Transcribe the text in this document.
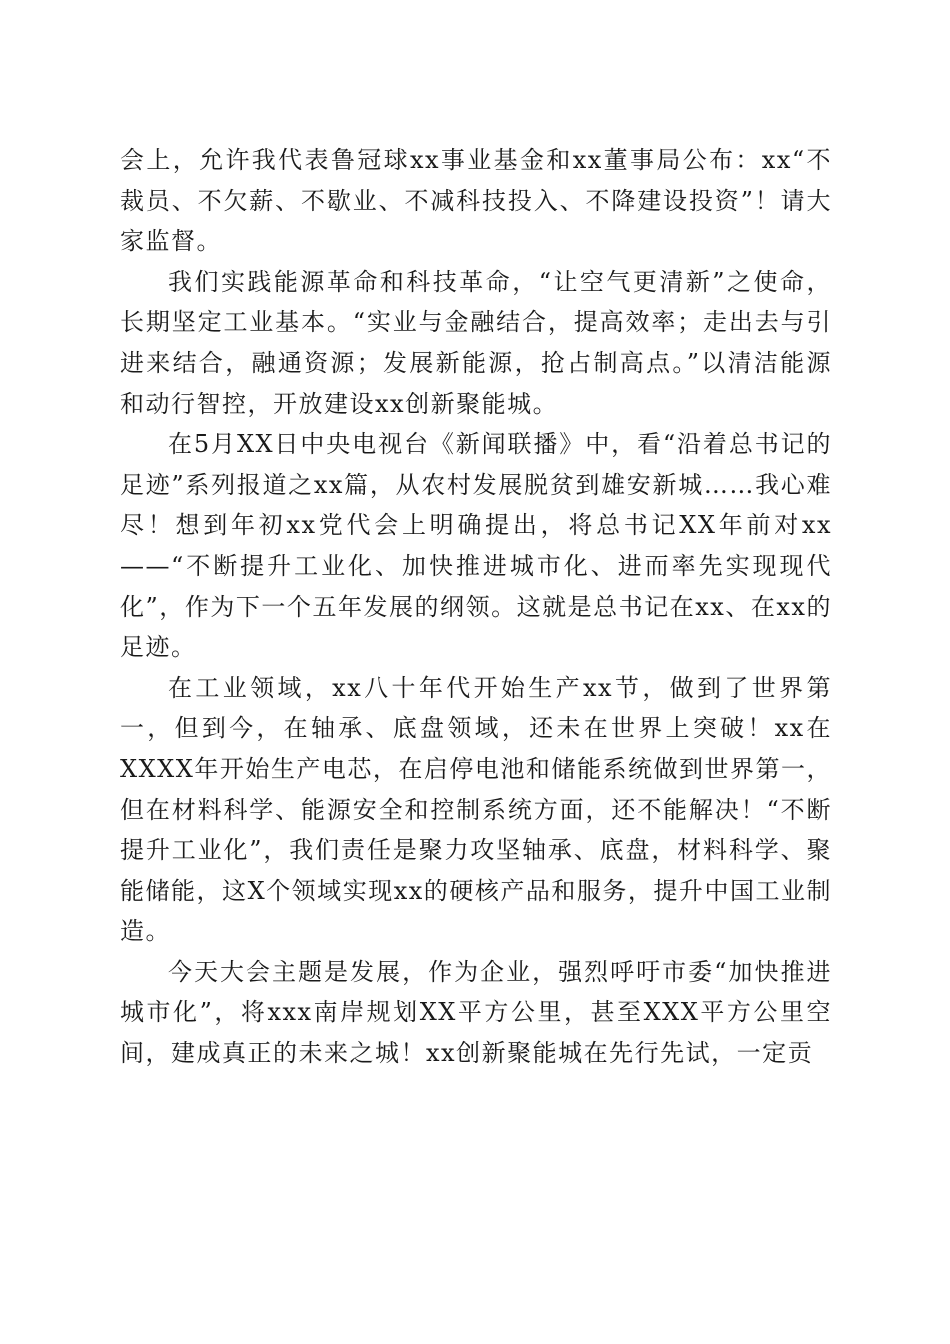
会上，允许我代表鲁冠球xx事业基金和xx董事局公布：xx“不裁员、不欠薪、不歇业、不减科技投入、不降建设投资”！请大家监督。

我们实践能源革命和科技革命，“让空气更清新”之使命，长期坚定工业基本。“实业与金融结合，提高效率；走出去与引进来结合，融通资源；发展新能源，抢占制高点。”以清洁能源和动行智控，开放建设xx创新聚能城。

在5月XX日中央电视台《新闻联播》中，看“沿着总书记的足迹”系列报道之xx篇，从农村发展脱贫到雄安新城……我心难尽！想到年初xx党代会上明确提出，将总书记XX年前对xx——“不断提升工业化、加快推进城市化、进而率先实现现代化”，作为下一个五年发展的纲领。这就是总书记在xx、在xx的足迹。

在工业领域，xx八十年代开始生产xx节，做到了世界第一，但到今，在轴承、底盘领域，还未在世界上突破！xx在XXXX年开始生产电芯，在启停电池和储能系统做到世界第一，但在材料科学、能源安全和控制系统方面，还不能解决！“不断提升工业化”，我们责任是聚力攻坚轴承、底盘，材料科学、聚能储能，这X个领域实现xx的硬核产品和服务，提升中国工业制造。

今天大会主题是发展，作为企业，强烈呼吁市委“加快推进城市化”，将xxx南岸规划XX平方公里，甚至XXX平方公里空间，建成真正的未来之城！xx创新聚能城在先行先试，一定贡
